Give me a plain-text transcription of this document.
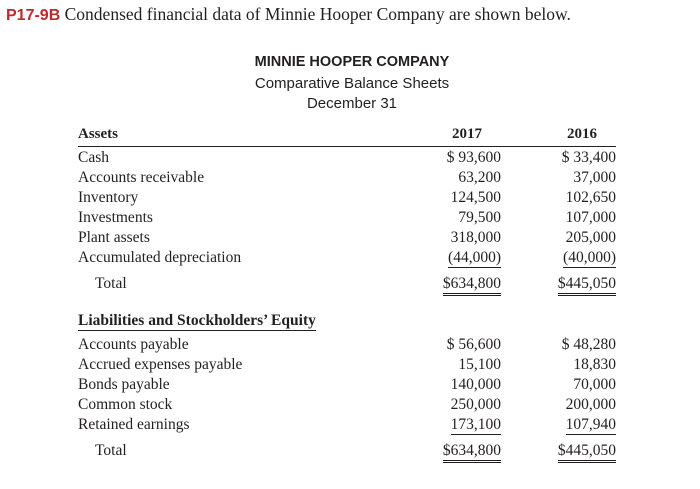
P17-9B Condensed financial data of Minnie Hooper Company are shown below.
MINNIE HOOPER COMPANY
Comparative Balance Sheets
December 31
Assets	2017	2016
Cash	$ 93,600	$ 33,400
Accounts receivable	63,200	37,000
Inventory	124,500	102,650
Investments	79,500	107,000
Plant assets	318,000	205,000
Accumulated depreciation	(44,000)	(40,000)
Total	$634,800	$445,050
Liabilities and Stockholders’ Equity
Accounts payable	$ 56,600	$ 48,280
Accrued expenses payable	15,100	18,830
Bonds payable	140,000	70,000
Common stock	250,000	200,000
Retained earnings	173,100	107,940
Total	$634,800	$445,050
